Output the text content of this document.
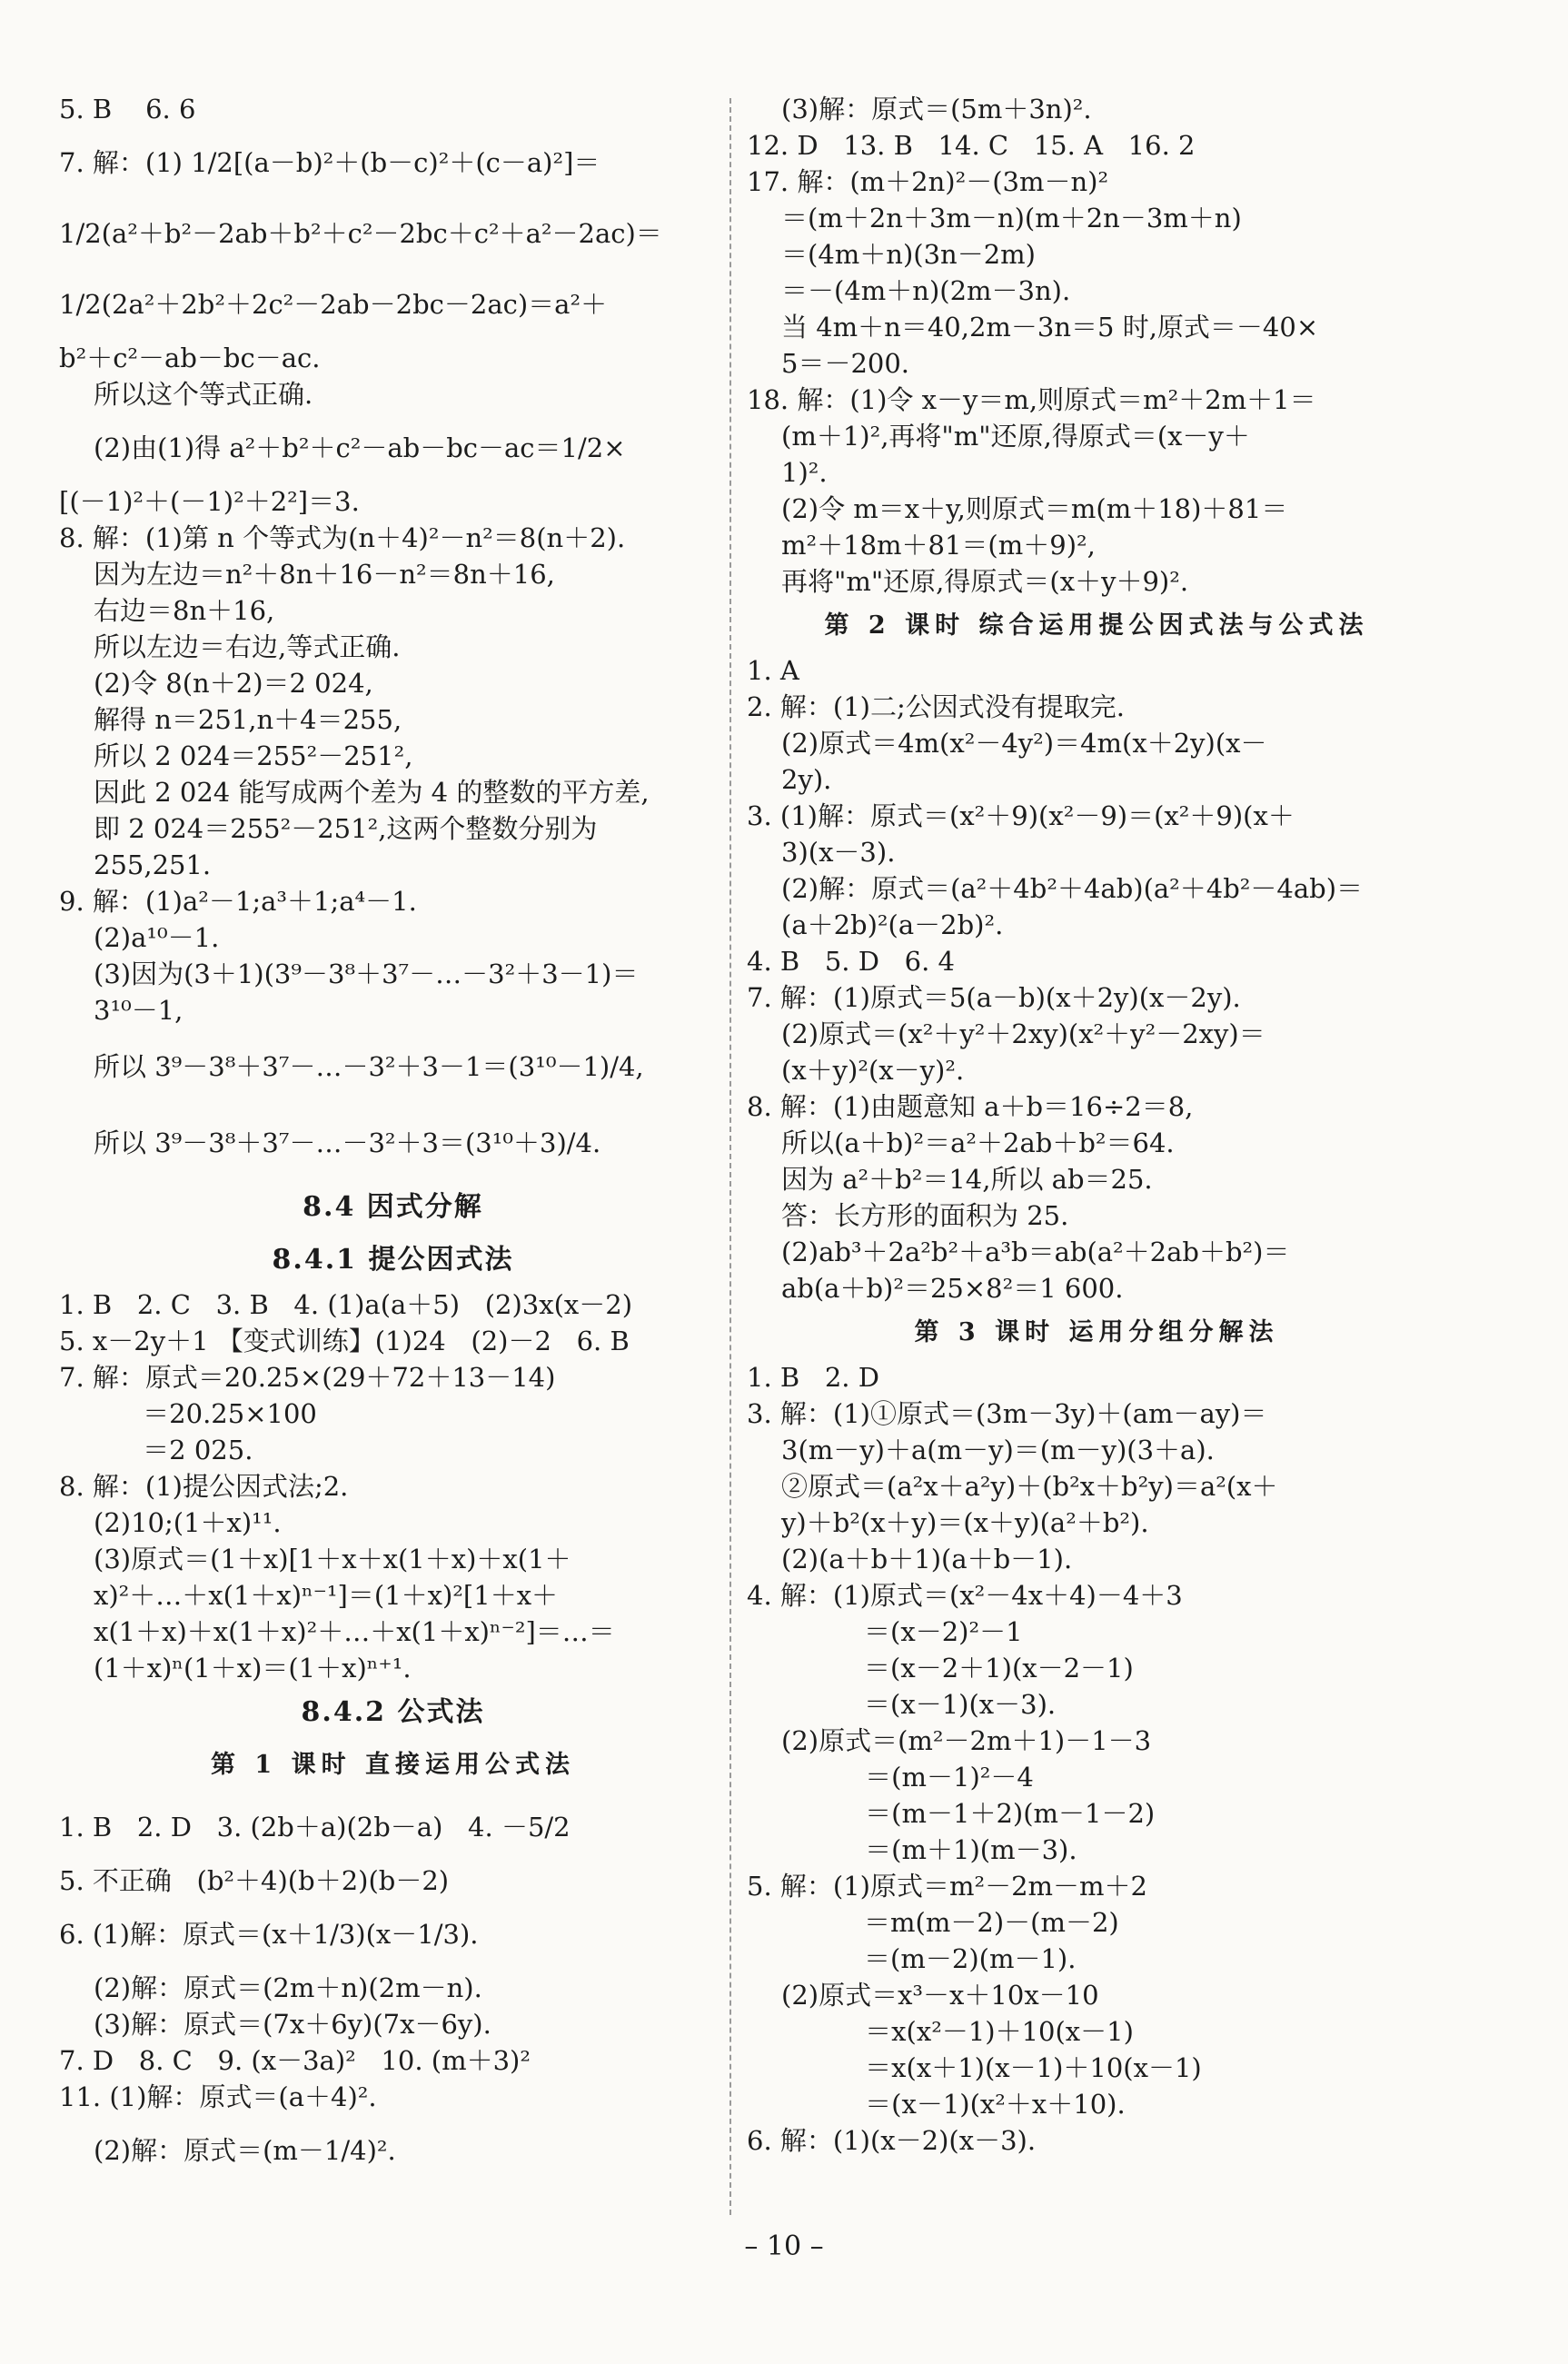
5. B    6. 6
7. 解：(1) 1/2[(a－b)²＋(b－c)²＋(c－a)²]＝
1/2(a²＋b²－2ab＋b²＋c²－2bc＋c²＋a²－2ac)＝
1/2(2a²＋2b²＋2c²－2ab－2bc－2ac)＝a²＋
b²＋c²－ab－bc－ac.
所以这个等式正确.
(2)由(1)得 a²＋b²＋c²－ab－bc－ac＝1/2×
[(－1)²＋(－1)²＋2²]＝3.
8. 解：(1)第 n 个等式为(n＋4)²－n²＝8(n＋2).
因为左边＝n²＋8n＋16－n²＝8n＋16,
右边＝8n＋16,
所以左边＝右边,等式正确.
(2)令 8(n＋2)＝2 024,
解得 n＝251,n＋4＝255,
所以 2 024＝255²－251²,
因此 2 024 能写成两个差为 4 的整数的平方差,
即 2 024＝255²－251²,这两个整数分别为
255,251.
9. 解：(1)a²－1;a³＋1;a⁴－1.
(2)a¹⁰－1.
(3)因为(3＋1)(3⁹－3⁸＋3⁷－…－3²＋3－1)＝
3¹⁰－1,
所以 3⁹－3⁸＋3⁷－…－3²＋3－1＝(3¹⁰－1)/4,
所以 3⁹－3⁸＋3⁷－…－3²＋3＝(3¹⁰＋3)/4.
8.4 因式分解
8.4.1 提公因式法
1. B   2. C   3. B   4. (1)a(a＋5)   (2)3x(x－2)
5. x－2y＋1 【变式训练】(1)24   (2)－2   6. B
7. 解：原式＝20.25×(29＋72＋13－14)
＝20.25×100
＝2 025.
8. 解：(1)提公因式法;2.
(2)10;(1＋x)¹¹.
(3)原式＝(1＋x)[1＋x＋x(1＋x)＋x(1＋
x)²＋…＋x(1＋x)ⁿ⁻¹]＝(1＋x)²[1＋x＋
x(1＋x)＋x(1＋x)²＋…＋x(1＋x)ⁿ⁻²]＝…＝
(1＋x)ⁿ(1＋x)＝(1＋x)ⁿ⁺¹.
8.4.2 公式法
第 1 课时 直接运用公式法
1. B   2. D   3. (2b＋a)(2b－a)   4. －5/2
5. 不正确   (b²＋4)(b＋2)(b－2)
6. (1)解：原式＝(x＋1/3)(x－1/3).
(2)解：原式＝(2m＋n)(2m－n).
(3)解：原式＝(7x＋6y)(7x－6y).
7. D   8. C   9. (x－3a)²   10. (m＋3)²
11. (1)解：原式＝(a＋4)².
(2)解：原式＝(m－1/4)².
(3)解：原式＝(5m＋3n)².
12. D   13. B   14. C   15. A   16. 2
17. 解：(m＋2n)²－(3m－n)²
＝(m＋2n＋3m－n)(m＋2n－3m＋n)
＝(4m＋n)(3n－2m)
＝－(4m＋n)(2m－3n).
当 4m＋n＝40,2m－3n＝5 时,原式＝－40×
5＝－200.
18. 解：(1)令 x－y＝m,则原式＝m²＋2m＋1＝
(m＋1)²,再将"m"还原,得原式＝(x－y＋
1)².
(2)令 m＝x＋y,则原式＝m(m＋18)＋81＝
m²＋18m＋81＝(m＋9)²,
再将"m"还原,得原式＝(x＋y＋9)².
第 2 课时 综合运用提公因式法与公式法
1. A
2. 解：(1)二;公因式没有提取完.
(2)原式＝4m(x²－4y²)＝4m(x＋2y)(x－
2y).
3. (1)解：原式＝(x²＋9)(x²－9)＝(x²＋9)(x＋
3)(x－3).
(2)解：原式＝(a²＋4b²＋4ab)(a²＋4b²－4ab)＝
(a＋2b)²(a－2b)².
4. B   5. D   6. 4
7. 解：(1)原式＝5(a－b)(x＋2y)(x－2y).
(2)原式＝(x²＋y²＋2xy)(x²＋y²－2xy)＝
(x＋y)²(x－y)².
8. 解：(1)由题意知 a＋b＝16÷2＝8,
所以(a＋b)²＝a²＋2ab＋b²＝64.
因为 a²＋b²＝14,所以 ab＝25.
答：长方形的面积为 25.
(2)ab³＋2a²b²＋a³b＝ab(a²＋2ab＋b²)＝
ab(a＋b)²＝25×8²＝1 600.
第 3 课时 运用分组分解法
1. B   2. D
3. 解：(1)①原式＝(3m－3y)＋(am－ay)＝
3(m－y)＋a(m－y)＝(m－y)(3＋a).
②原式＝(a²x＋a²y)＋(b²x＋b²y)＝a²(x＋
y)＋b²(x＋y)＝(x＋y)(a²＋b²).
(2)(a＋b＋1)(a＋b－1).
4. 解：(1)原式＝(x²－4x＋4)－4＋3
＝(x－2)²－1
＝(x－2＋1)(x－2－1)
＝(x－1)(x－3).
(2)原式＝(m²－2m＋1)－1－3
＝(m－1)²－4
＝(m－1＋2)(m－1－2)
＝(m＋1)(m－3).
5. 解：(1)原式＝m²－2m－m＋2
＝m(m－2)－(m－2)
＝(m－2)(m－1).
(2)原式＝x³－x＋10x－10
＝x(x²－1)＋10(x－1)
＝x(x＋1)(x－1)＋10(x－1)
＝(x－1)(x²＋x＋10).
6. 解：(1)(x－2)(x－3).
– 10 –
